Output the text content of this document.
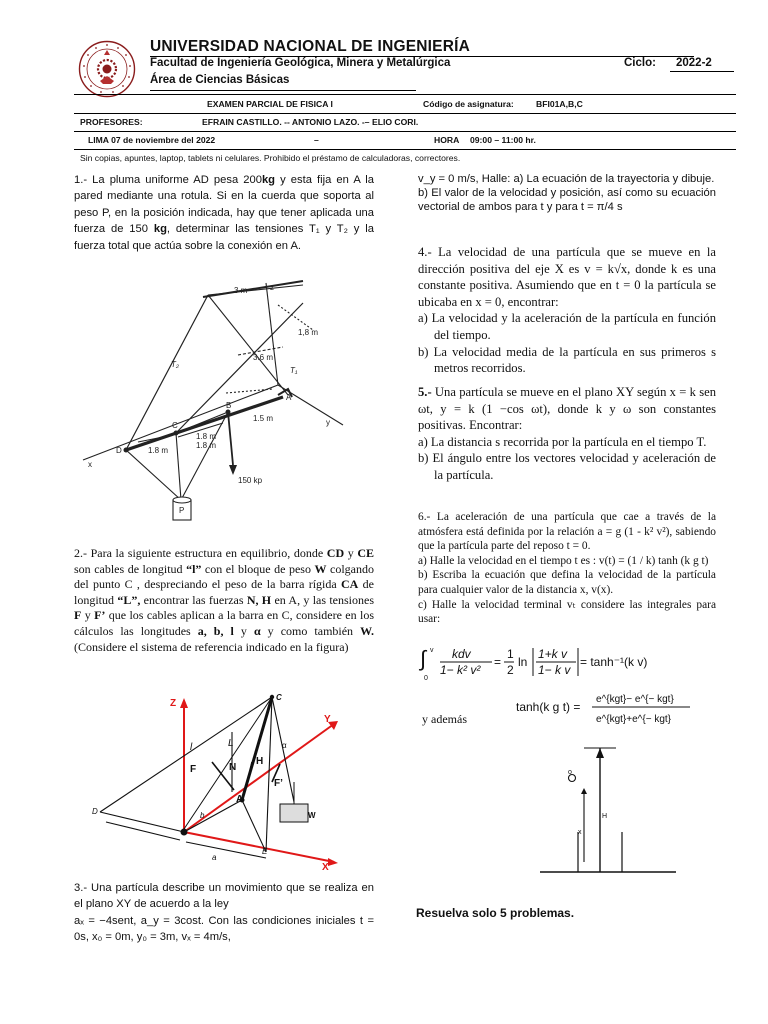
UNIVERSIDAD NACIONAL DE INGENIERÍA
Facultad de Ingeniería Geológica, Minera y Metalúrgica
Área de Ciencias Básicas
Ciclo: 2022-2
EXAMEN PARCIAL DE FISICA I	Código de asignatura:	BFI01A,B,C
PROFESORES:	EFRAIN CASTILLO. -- ANTONIO LAZO. -– ELIO CORI.
LIMA 07 de noviembre del 2022	–	HORA 09:00 – 11:00 hr.
Sin copias, apuntes, laptop, tablets ni celulares. Prohibido el préstamo de calculadoras, correctores.
1.- La pluma uniforme AD pesa 200kg y esta fija en A la pared mediante una rotula. Si en la cuerda que soporta al peso P, en la posición indicada, hay que tener aplicada una fuerza de 150 kg, determinar las tensiones T₁ y T₂ y la fuerza total que actúa sobre la conexión en A.
3 m	z
1,8 m
T₂
3.6 m
T₁
A
B
C
D
1.8 m
1.8 m
1.8 m
1.5 m
x
y
150 kp
P
2.- Para la siguiente estructura en equilibrio, donde CD y CE son cables de longitud “l” con el bloque de peso W colgando del punto C , despreciando el peso de la barra rígida CA de longitud “L”, encontrar las fuerzas N, H en A, y las tensiones F y F’ que los cables aplican a la barra en C, considere en los cálculos las longitudes a, b, l y α y como también W. (Considere el sistema de referencia indicado en la figura)
Z
Y
X
C
l	L	α
F	N
H
A
F’
W
D	b
E
a
3.- Una partícula describe un movimiento que se realiza en el plano XY de acuerdo a la ley
aₓ = −4sent, a_y = 3cost. Con las condiciones iniciales t = 0s, x₀ = 0m, y₀ = 3m, vₓ = 4m/s,
v_y = 0 m/s, Halle: a) La ecuación de la trayectoria y dibuje.
b) El valor de la velocidad y posición, así como su ecuación vectorial de ambos para t y para t = π/4 s
4.- La velocidad de una partícula que se mueve en la dirección positiva del eje X es v = k√x, donde k es una constante positiva. Asumiendo que en t = 0 la partícula se ubicaba en x = 0, encontrar:
a) La velocidad y la aceleración de la partícula en función del tiempo.
b) La velocidad media de la partícula en sus primeros s metros recorridos.
5.- Una partícula se mueve en el plano XY según x = k sen ωt, y = k (1 −cos ωt), donde k y ω son constantes positivas. Encontrar:
a) La distancia s recorrida por la partícula en el tiempo T.
b) El ángulo entre los vectores velocidad y aceleración de la partícula.
6.- La aceleración de una partícula que cae a través de la atmósfera está definida por la relación a = g (1 - k² v²), sabiendo que la partícula parte del reposo t = 0.
a) Halle la velocidad en el tiempo t es : v(t) = (1 / k) tanh (k g t)
b) Escriba la ecuación que defina la velocidad de la partícula para cualquier valor de la distancia x, v(x).
c) Halle la velocidad terminal vₜ considere las integrales para usar:
∫ v
0
kdv
1− k² v²
=
1
2
ln
1+k v
1− k v
= tanh⁻¹(k v)
tanh(k g t) =
e^{kgt}− e^{− kgt}
e^{kgt}+e^{− kgt}
y además
o
H
x
Resuelva solo 5 problemas.
